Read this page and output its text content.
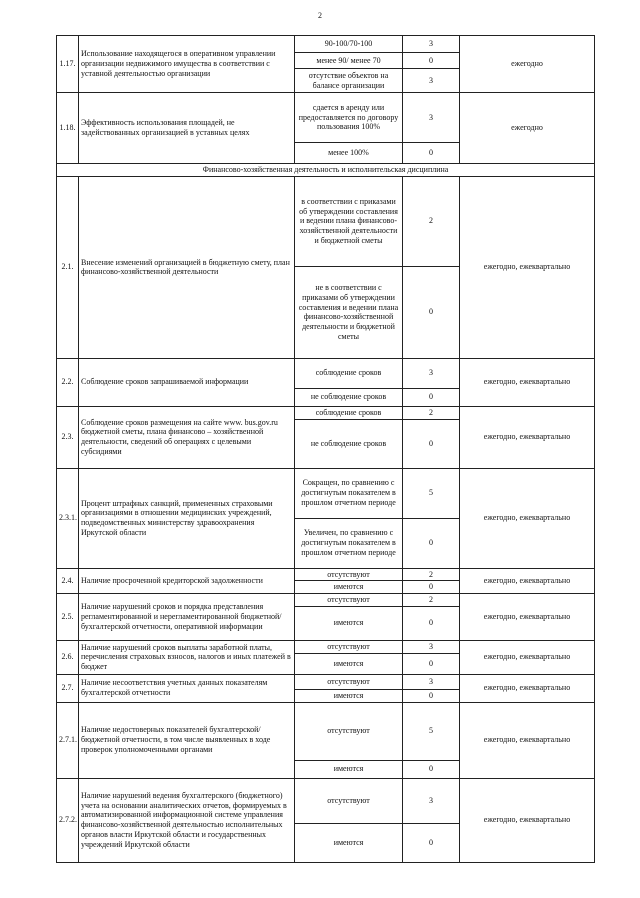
2
1.17.	Использование находящегося в оперативном управлении организации недвижимого имущества в соответствии с уставной деятельностью организации	90-100/70-100	3	ежегодно
		менее 90/ менее 70	0	
		отсутствие объектов на балансе организации	3	
1.18.	Эффективность использования площадей, не задействованных организацией в уставных целях	сдается в аренду или предоставляется по договору пользования 100%	3	ежегодно
		менее 100%	0	
Финансово-хозяйственная деятельность и исполнительская дисциплина				
2.1.	Внесение изменений организацией в бюджетную смету, план финансово-хозяйственной деятельности	в соответствии с приказами об утверждении составления и ведении плана финансово-хозяйственной деятельности и бюджетной сметы	2	ежегодно, ежеквартально
		не в соответствии с приказами об утверждении составления и ведении плана финансово-хозяйственной деятельности и бюджетной сметы	0	
2.2.	Соблюдение сроков запрашиваемой информации	соблюдение сроков	3	ежегодно, ежеквартально
		не соблюдение сроков	0	
2.3.	Соблюдение сроков размещения на сайте www. bus.gov.ru бюджетной сметы, плана финансово – хозяйственной деятельности, сведений об операциях с целевыми субсидиями	соблюдение сроков	2	ежегодно, ежеквартально
		не соблюдение сроков	0	
2.3.1.	Процент штрафных санкций, примененных страховыми организациями в отношении медицинских учреждений, подведомственных министерству здравоохранения Иркутской области	Сокращен, по сравнению с достигнутым показателем в прошлом отчетном периоде	5	ежегодно, ежеквартально
		Увеличен, по сравнению с достигнутым показателем в прошлом отчетном периоде	0	
2.4.	Наличие просроченной кредиторской задолженности	отсутствуют	2	ежегодно, ежеквартально
		имеются	0	
2.5.	Наличие нарушений сроков и порядка представления регламентированной и нерегламентированной бюджетной/бухгалтерской отчетности, оперативной информации	отсутствуют	2	ежегодно, ежеквартально
		имеются	0	
2.6.	Наличие нарушений сроков выплаты заработной платы, перечисления страховых взносов, налогов и иных платежей в бюджет	отсутствуют	3	ежегодно, ежеквартально
		имеются	0	
2.7.	Наличие несоответствия учетных данных показателям бухгалтерской отчетности	отсутствуют	3	ежегодно, ежеквартально
		имеются	0	
2.7.1.	Наличие недостоверных показателей бухгалтерской/бюджетной отчетности, в том числе выявленных в ходе проверок уполномоченными органами	отсутствуют	5	ежегодно, ежеквартально
		имеются	0	
2.7.2.	Наличие нарушений ведения бухгалтерского (бюджетного) учета на основании аналитических отчетов, формируемых в автоматизированной информационной системе управления финансово-хозяйственной деятельностью исполнительных органов власти Иркутской области и государственных учреждений Иркутской области	отсутствуют	3	ежегодно, ежеквартально
		имеются	0	
